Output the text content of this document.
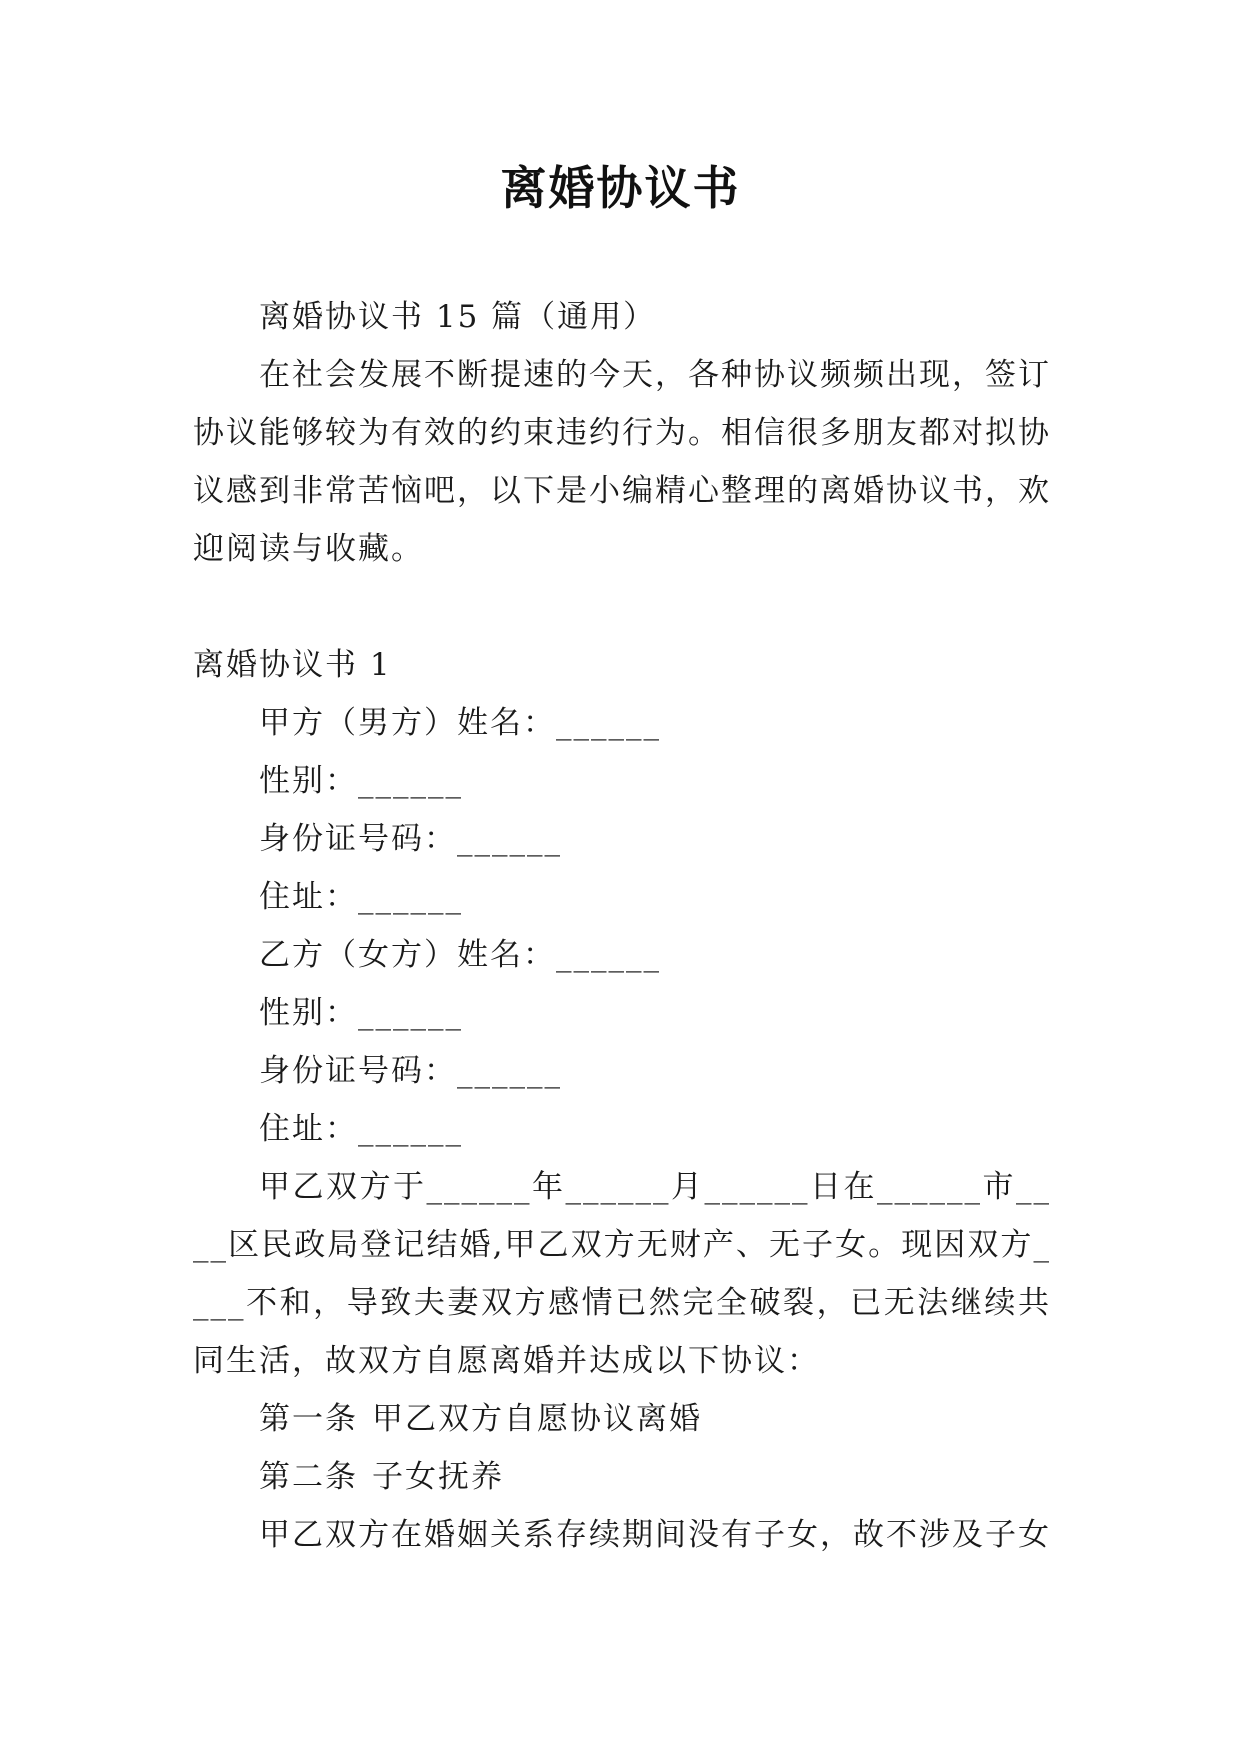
离婚协议书

离婚协议书 15 篇（通用）

在社会发展不断提速的今天，各种协议频频出现，签订协议能够较为有效的约束违约行为。相信很多朋友都对拟协议感到非常苦恼吧，以下是小编精心整理的离婚协议书，欢迎阅读与收藏。

离婚协议书 1

甲方（男方）姓名：______

性别：______

身份证号码：______

住址：______

乙方（女方）姓名：______

性别：______

身份证号码：______

住址：______

甲乙双方于______年______月______日在______市____区民政局登记结婚,甲乙双方无财产、无子女。现因双方____不和，导致夫妻双方感情已然完全破裂，已无法继续共同生活，故双方自愿离婚并达成以下协议：

第一条 甲乙双方自愿协议离婚

第二条 子女抚养

甲乙双方在婚姻关系存续期间没有子女，故不涉及子女
